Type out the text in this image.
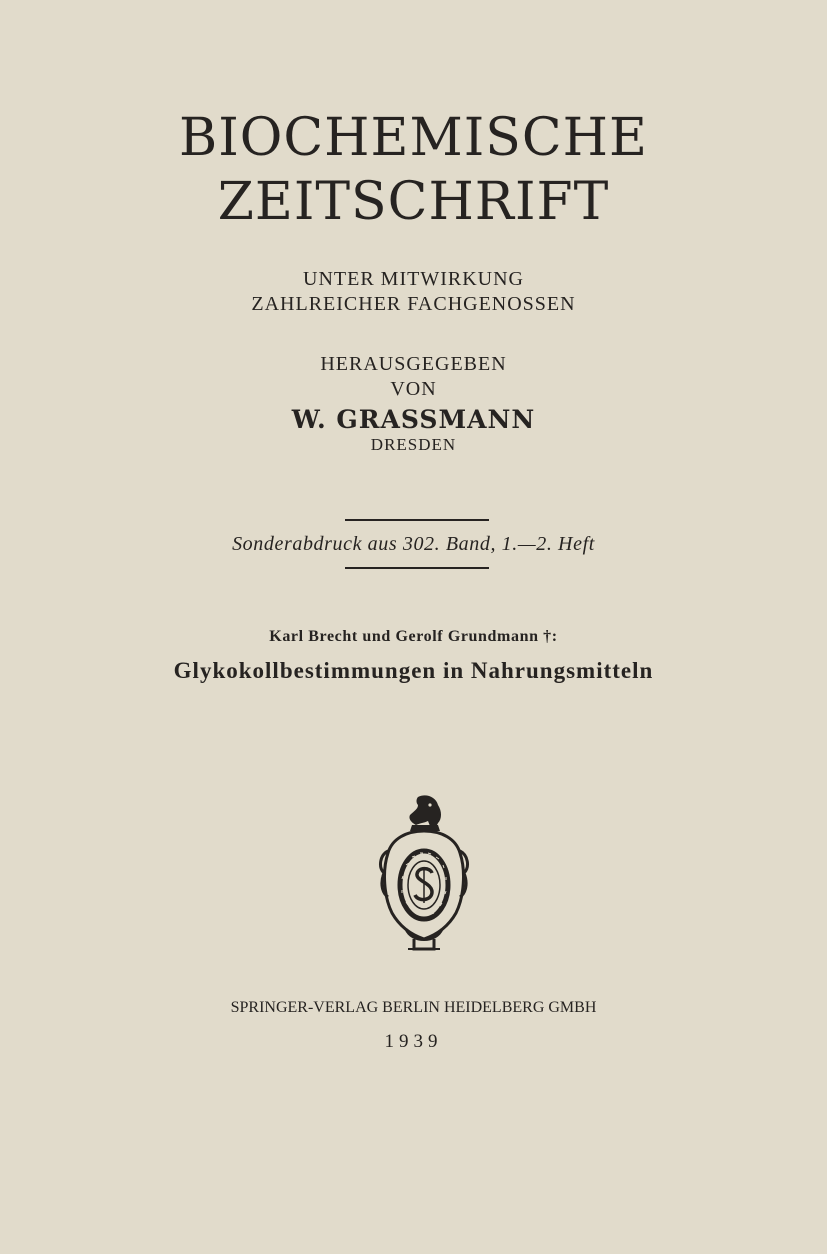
BIOCHEMISCHE
ZEITSCHRIFT
UNTER MITWIRKUNG
ZAHLREICHER FACHGENOSSEN
HERAUSGEGEBEN
VON
W. GRASSMANN
DRESDEN
Sonderabdruck aus 302. Band, 1.—2. Heft
Karl Brecht und Gerolf Grundmann †:
Glykokollbestimmungen in Nahrungsmitteln
SPRINGER-VERLAG BERLIN HEIDELBERG GMBH
1939
